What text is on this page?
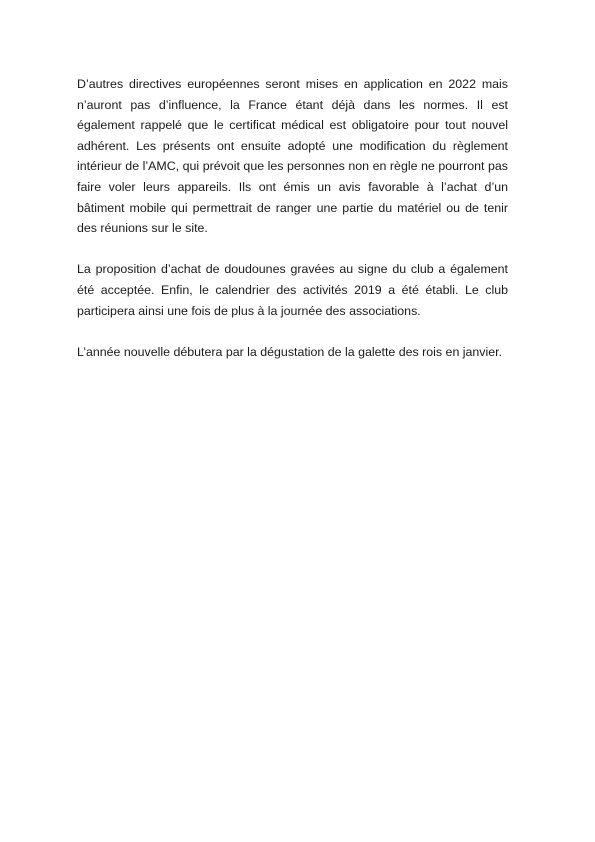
D’autres directives européennes seront mises en application en 2022 mais n’auront pas d’influence, la France étant déjà dans les normes. Il est également rappelé que le certificat médical est obligatoire pour tout nouvel adhérent. Les présents ont ensuite adopté une modification du règlement intérieur de l’AMC, qui prévoit que les personnes non en règle ne pourront pas faire voler leurs appareils. Ils ont émis un avis favorable à l’achat d’un bâtiment mobile qui permettrait de ranger une partie du matériel ou de tenir des réunions sur le site.

La proposition d’achat de doudounes gravées au signe du club a également été acceptée. Enfin, le calendrier des activités 2019 a été établi. Le club participera ainsi une fois de plus à la journée des associations.

L’année nouvelle débutera par la dégustation de la galette des rois en janvier.
